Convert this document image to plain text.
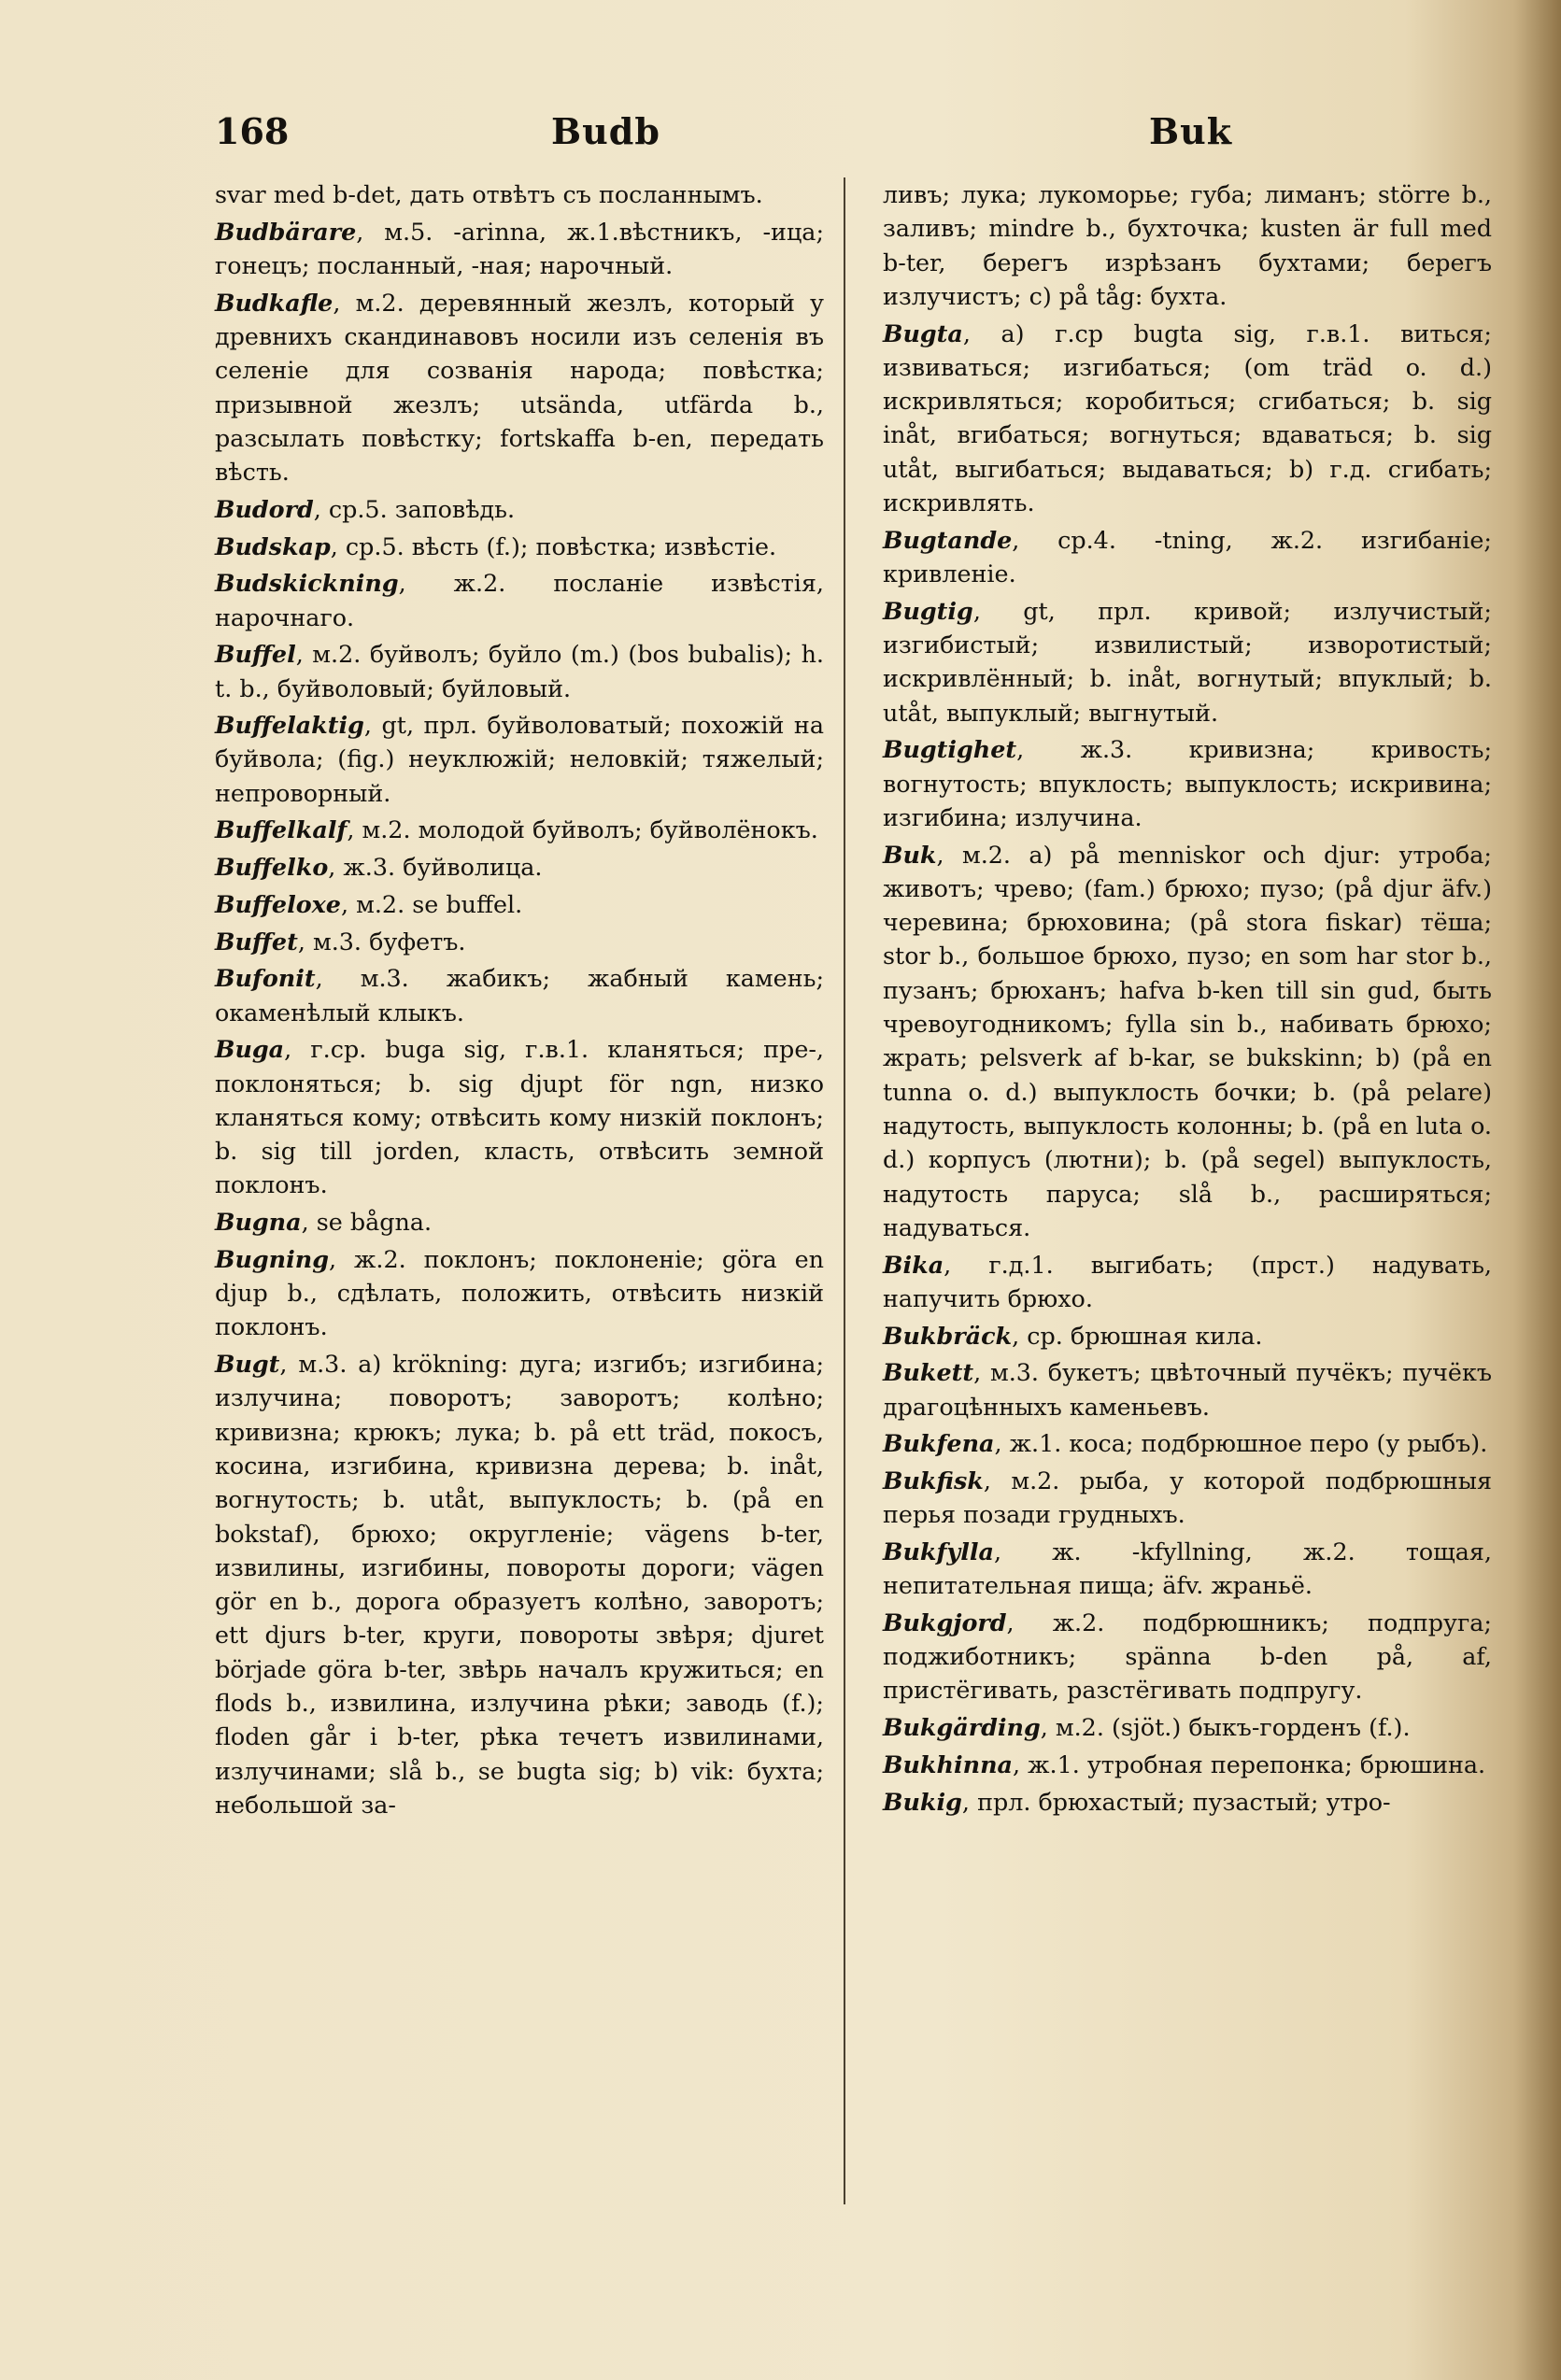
168	Budb	Buk

svar med b-det, дать отвѣтъ съ посланнымъ.

Budbärare, м.5. -arinna, ж.1.вѣстникъ, -ица; гонецъ; посланный, -ная; нарочный.

Budkafle, м.2. деревянный жезлъ, который у древнихъ скандинавовъ носили изъ селенія въ селеніе для созванія народа; повѣстка; призывной жезлъ; utsända, utfärda b., разсылать повѣстку; fortskaffa b-en, передать вѣсть.

Budord, ср.5. заповѣдь.

Budskap, ср.5. вѣсть (f.); повѣстка; извѣстіе.

Budskickning, ж.2. посланіе извѣстія, нарочнаго.

Buffel, м.2. буйволъ; буйло (m.) (bos bubalis); h. t. b., буйволовый; буйловый.

Buffelaktig, gt, прл. буйволоватый; похожій на буйвола; (fig.) неуклюжій; неловкій; тяжелый; непроворный.

Buffelkalf, м.2. молодой буйволъ; буйволёнокъ.

Buffelko, ж.3. буйволица.

Buffeloxe, м.2. se buffel.

Buffet, м.3. буфетъ.

Bufonit, м.3. жабикъ; жабный камень; окаменѣлый клыкъ.

Buga, г.ср. buga sig, г.в.1. кланяться; пре-, поклоняться; b. sig djupt för ngn, низко кланяться кому; отвѣсить кому низкій поклонъ; b. sig till jorden, класть, отвѣсить земной поклонъ.

Bugna, se bågna.

Bugning, ж.2. поклонъ; поклоненіе; göra en djup b., сдѣлать, положить, отвѣсить низкій поклонъ.

Bugt, м.3. a) krökning: дуга; изгибъ; изгибина; излучина; поворотъ; заворотъ; колѣно; кривизна; крюкъ; лука; b. på ett träd, покосъ, косина, изгибина, кривизна дерева; b. inåt, вогнутость; b. utåt, выпуклость; b. (på en bokstaf), брюхо; округленіе; vägens b-ter, извилины, изгибины, повороты дороги; vägen gör en b., дорога образуетъ колѣно, заворотъ; ett djurs b-ter, круги, повороты звѣря; djuret började göra b-ter, звѣрь началъ кружиться; en flods b., извилина, излучина рѣки; заводь (f.); floden går i b-ter, рѣка течетъ извилинами, излучинами; slå b., se bugta sig; b) vik: бухта; небольшой за-

ливъ; лука; лукоморье; губа; лиманъ; större b., заливъ; mindre b., бухточка; kusten är full med b-ter, берегъ изрѣзанъ бухтами; берегъ излучистъ; c) på tåg: бухта.

Bugta, a) г.ср bugta sig, г.в.1. виться; извиваться; изгибаться; (om träd o. d.) искривляться; коробиться; сгибаться; b. sig inåt, вгибаться; вогнуться; вдаваться; b. sig utåt, выгибаться; выдаваться; b) г.д. сгибать; искривлять.

Bugtande, ср.4. -tning, ж.2. изгибаніе; кривленіе.

Bugtig, gt, прл. кривой; излучистый; изгибистый; извилистый; изворотистый; искривлённый; b. inåt, вогнутый; впуклый; b. utåt, выпуклый; выгнутый.

Bugtighet, ж.3. кривизна; кривость; вогнутость; впуклость; выпуклость; искривина; изгибина; излучина.

Buk, м.2. a) på menniskor och djur: утроба; животъ; чрево; (fam.) брюхо; пузо; (på djur äfv.) черевина; брюховина; (på stora fiskar) тёша; stor b., большое брюхо, пузо; en som har stor b., пузанъ; брюханъ; hafva b-ken till sin gud, быть чревоугодникомъ; fylla sin b., набивать брюхо; жрать; pelsverk af b-kar, se bukskinn; b) (på en tunna o. d.) выпуклость бочки; b. (på pelare) надутость, выпуклость колонны; b. (på en luta o. d.) корпусъ (лютни); b. (på segel) выпуклость, надутость паруса; slå b., расширяться; надуваться.

Bika, г.д.1. выгибать; (прст.) надувать, напучить брюхо.

Bukbräck, ср. брюшная кила.

Bukett, м.3. букетъ; цвѣточный пучёкъ; пучёкъ драгоцѣнныхъ каменьевъ.

Bukfena, ж.1. коса; подбрюшное перо (у рыбъ).

Bukfisk, м.2. рыба, у которой подбрюшныя перья позади грудныхъ.

Bukfylla, ж. -kfyllning, ж.2. тощая, непитательная пища; äfv. жраньё.

Bukgjord, ж.2. подбрюшникъ; подпруга; поджиботникъ; spänna b-den på, af, пристёгивать, разстёгивать подпругу.

Bukgärding, м.2. (sjöt.) быкъ-горденъ (f.).

Bukhinna, ж.1. утробная перепонка; брюшина.

Bukig, прл. брюхастый; пузастый; утро-
